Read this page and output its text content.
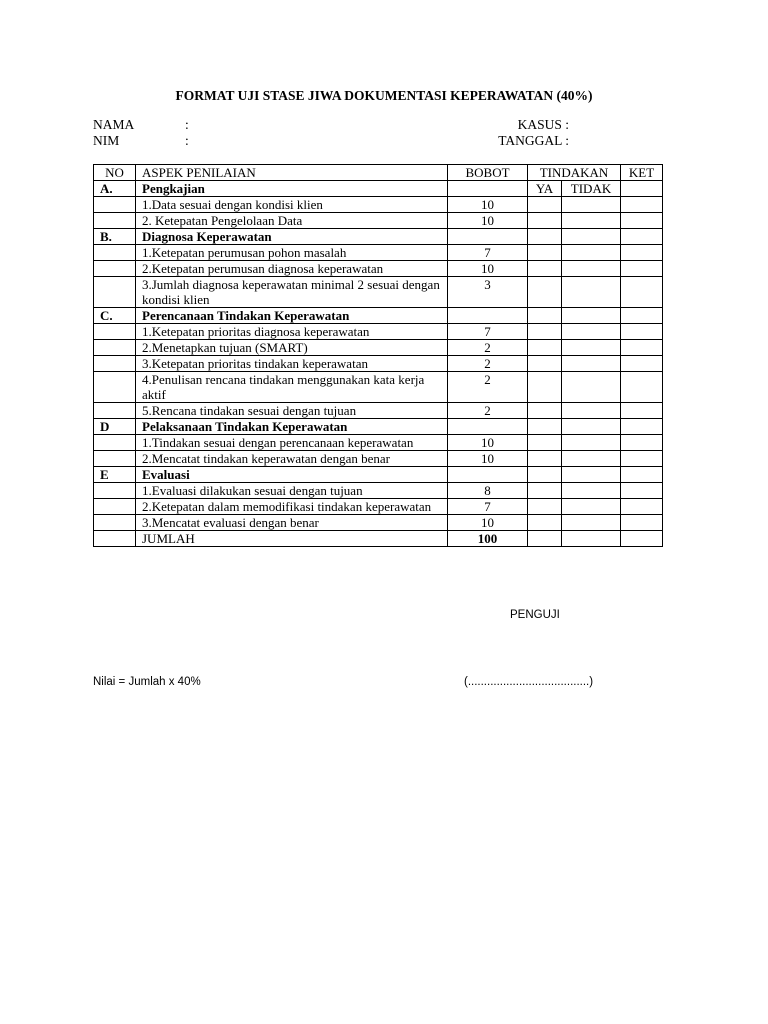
FORMAT UJI STASE JIWA DOKUMENTASI KEPERAWATAN (40%)
NAMA	:	KASUS :
NIM	:	TANGGAL :
NO	ASPEK PENILAIAN	BOBOT	TINDAKAN		KET
A.	Pengkajian		YA	TIDAK	
	1.Data sesuai dengan kondisi klien	10			
	2. Ketepatan Pengelolaan Data	10			
B.	Diagnosa Keperawatan				
	1.Ketepatan perumusan pohon masalah	7			
	2.Ketepatan perumusan diagnosa keperawatan	10			
	3.Jumlah diagnosa keperawatan minimal 2 sesuai dengan kondisi klien	3			
C.	Perencanaan Tindakan Keperawatan				
	1.Ketepatan prioritas diagnosa keperawatan	7			
	2.Menetapkan tujuan (SMART)	2			
	3.Ketepatan prioritas tindakan keperawatan	2			
	4.Penulisan rencana tindakan menggunakan kata kerja aktif	2			
	5.Rencana tindakan sesuai dengan tujuan	2			
D	Pelaksanaan Tindakan Keperawatan				
	1.Tindakan sesuai dengan perencanaan keperawatan	10			
	2.Mencatat tindakan keperawatan dengan benar	10			
E	Evaluasi				
	1.Evaluasi dilakukan sesuai dengan tujuan	8			
	2.Ketepatan dalam memodifikasi tindakan keperawatan	7			
	3.Mencatat evaluasi dengan benar	10			
	JUMLAH	100			
PENGUJI
Nilai = Jumlah x 40%	(......................................)
